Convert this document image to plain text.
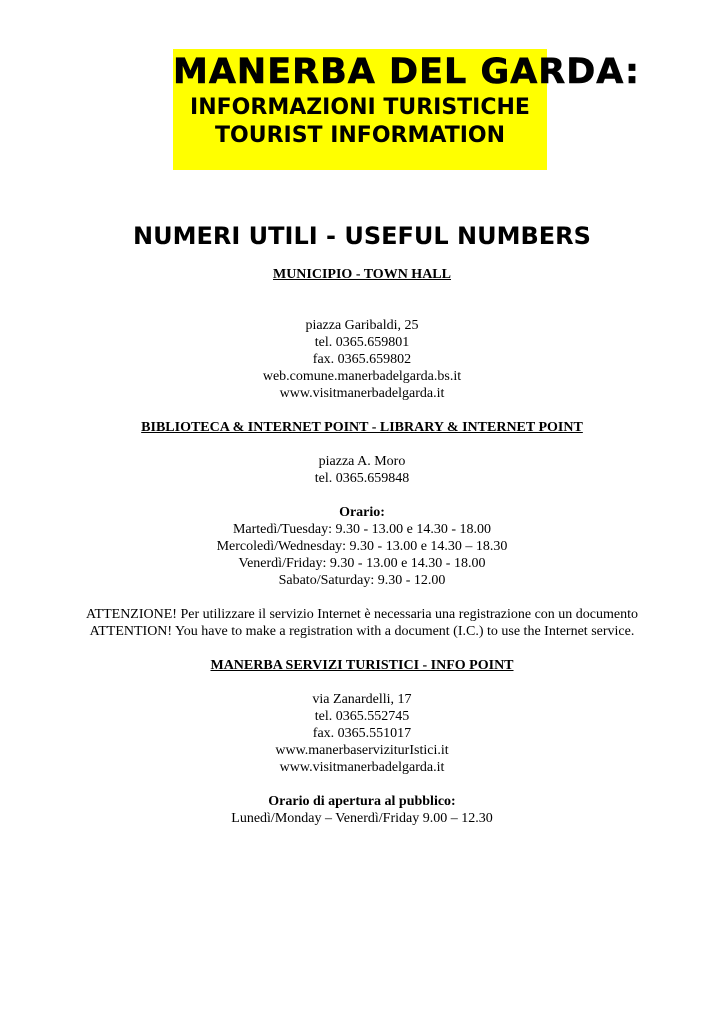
MANERBA DEL GARDA:
INFORMAZIONI TURISTICHE
TOURIST INFORMATION
NUMERI UTILI - USEFUL NUMBERS

MUNICIPIO - TOWN HALL

piazza Garibaldi, 25

tel. 0365.659801

fax. 0365.659802

web.comune.manerbadelgarda.bs.it

www.visitmanerbadelgarda.it

BIBLIOTECA & INTERNET POINT - LIBRARY & INTERNET POINT

piazza A. Moro

tel. 0365.659848

Orario:

Martedì/Tuesday: 9.30 - 13.00 e 14.30 - 18.00

Mercoledì/Wednesday: 9.30 - 13.00 e 14.30 – 18.30

Venerdì/Friday: 9.30 - 13.00 e 14.30 - 18.00

Sabato/Saturday: 9.30 - 12.00

ATTENZIONE! Per utilizzare il servizio Internet è necessaria una registrazione con un documento

ATTENTION! You have to make a registration with a document (I.C.) to use the Internet service.

MANERBA SERVIZI TURISTICI - INFO POINT

via Zanardelli, 17

tel. 0365.552745

fax. 0365.551017

www.manerbaserviziturIstici.it

www.visitmanerbadelgarda.it

Orario di apertura al pubblico:

Lunedì/Monday – Venerdì/Friday 9.00 – 12.30
